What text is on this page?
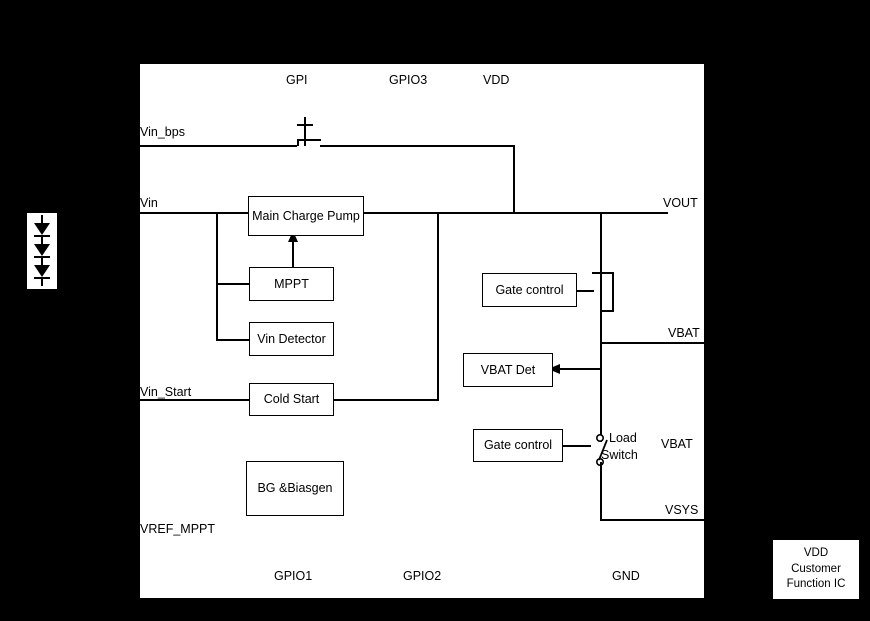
GPI	GPIO3	VDD
GPIO1	GPIO2	GND
Vin_bps
Vin
Vin_Start
VREF_MPPT
VOUT
VBAT
VBAT
VSYS
Main Charge Pump
MPPT
Vin Detector
Cold Start
BG &Biasgen
Gate control
VBAT Det
Gate control
Load
Switch
VDD
Customer
Function IC
